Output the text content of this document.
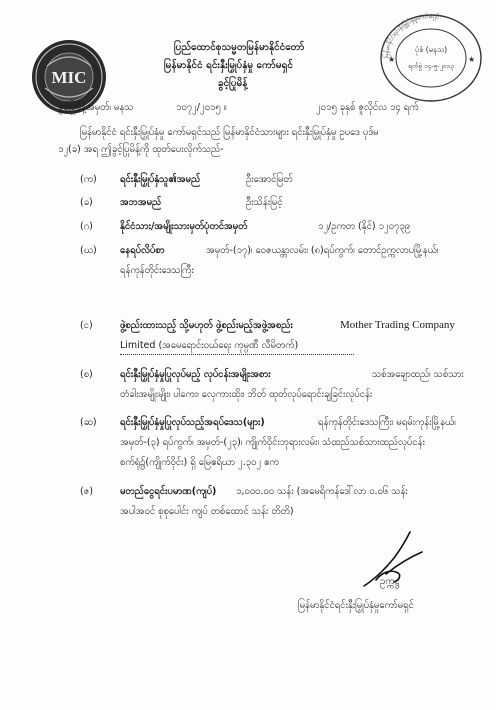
MIC
ပြည်ထောင်စုသမ္မတမြန်မာနိုင်ငံတော်
မြန်မာနိုင်ငံ ရင်းနှီးမြှုပ်နှံမှု ကော်မရှင်
ခွင့်ပြုမိန့်
မြန်မာနိုင်ငံရင်းနှီးမြှုပ်နှံမှုကော်မရှင်
ပုံစံ (မနသ)
ရက်စွဲ ၁၄-၅-၂၀၁၃
★	★
ခွင့်ပြုမိန့်အမှတ်၊ မနသ	၁၀၇၂/၂၀၁၅ ။	၂၀၁၅ ခုနှစ် ဇူလိုင်လ ၁၄ ရက်
မြန်မာနိုင်ငံ ရင်းနှီးမြှုပ်နှံမှု ကော်မရှင်သည် မြန်မာနိုင်ငံသားများ ရင်းနှီးမြှုပ်နှံမှု ဥပဒေ ပုဒ်မ
၁၂(ခ) အရ ဤခွင့်ပြုမိန့်ကို ထုတ်ပေးလိုက်သည်-
(က) ရင်းနှီးမြှုပ်နှံသူ၏အမည်	ဦးအောင်မြတ်
(ခ)	အဘအမည်	ဦးသိန်းမြင့်
(ဂ)	နိုင်ငံသား/အမျိုးသားမှတ်ပုံတင်အမှတ်	၁၂/ဥကတ (နိုင်) ၁၂၀၇၃၉
(ဃ) နေရပ်လိပ်စာ	အမှတ်-(၁၇)၊ ဝေဇယန္တာလမ်း၊ (၈)ရပ်ကွက်၊ တောင်ဥက္ကလာပမြို့နယ်၊
ရန်ကုန်တိုင်းဒေသကြီး
(င)	ဖွဲ့စည်းထားသည့် သို့မဟုတ် ဖွဲ့စည်းမည့်အဖွဲ့အစည်း	Mother Trading Company
Limited (အမေရောင်းဝယ်ရေး ကုမ္ပဏီ လီမိတက်)
(စ)	ရင်းနှီးမြှုပ်နှံမှုပြုလုပ်မည့် လုပ်ငန်းအမျိုးအစား	သစ်အချောထည်၊ သစ်သား
တံခါးအမျိုးမျိုး၊ ပါကေး၊ လှေကားထိုး၊ ဘိတ် ထုတ်လုပ်ရောင်းချခြင်းလုပ်ငန်း
(ဆ) ရင်းနှီးမြှုပ်နှံမှုပြုလုပ်သည့်အရပ်ဒေသ(များ)	ရန်ကုန်တိုင်းဒေသကြီး၊ မရမ်းကုန်းမြို့နယ်၊
အမှတ်-(၃) ရပ်ကွက်၊ အမှတ်-(၂၃)၊ ကျိုက်ဝိုင်းဘုရားလမ်း၊ သံထည်သစ်သားထည်လုပ်ငန်း
စက်ရုံ၌(ကျိုက်ဝိုင်း) ရှိ မြေဧရိယာ ၂.၃၀၂ ဧက
(ဇ)	မတည်ငွေရင်းပမာဏ(ကျပ်) ၁,၀၀၀.၀၀ သန်း (အမေရိကန်ဒေါ်လာ ၀.၀၆ သန်း
အပါအဝင် စုစုပေါင်း ကျပ် တစ်ထောင် သန်း တိတိ)
ဥက္ကဋ္ဌ
မြန်မာနိုင်ငံရင်းနှီးမြှုပ်နှံမှုကော်မရှင်
